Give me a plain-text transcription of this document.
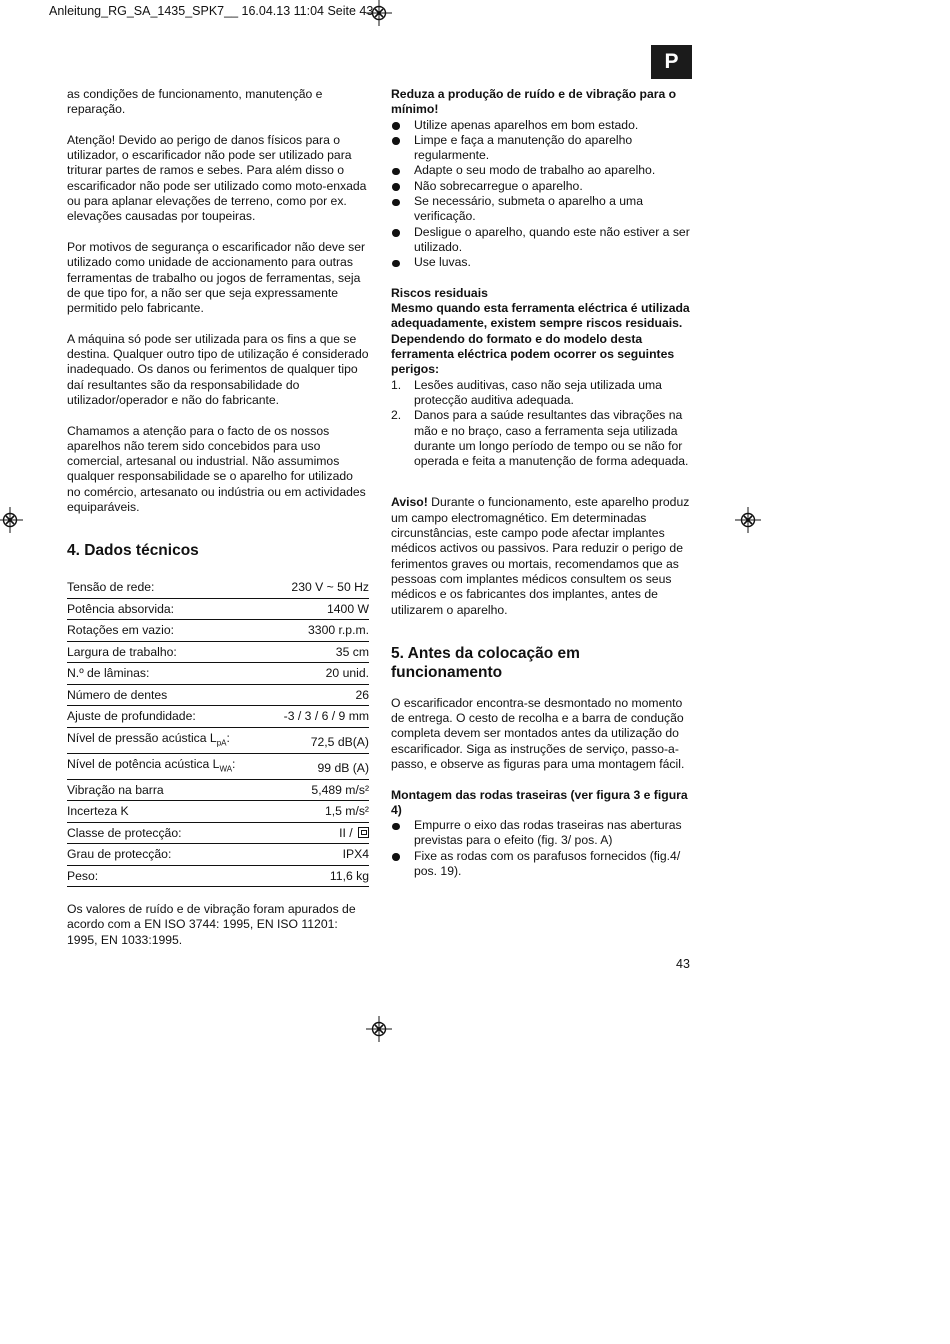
Anleitung_RG_SA_1435_SPK7__ 16.04.13 11:04 Seite 43
P

as condições de funcionamento, manutenção e reparação.

Atenção! Devido ao perigo de danos físicos para o utilizador, o escarificador não pode ser utilizado para triturar partes de ramos e sebes. Para além disso o escarificador não pode ser utilizado como moto-enxada ou para aplanar elevações de terreno, como por ex. elevações causadas por toupeiras.

Por motivos de segurança o escarificador não deve ser utilizado como unidade de accionamento para outras ferramentas de trabalho ou jogos de ferramentas, seja de que tipo for, a não ser que seja expressamente permitido pelo fabricante.

A máquina só pode ser utilizada para os fins a que se destina. Qualquer outro tipo de utilização é considerado inadequado. Os danos ou ferimentos de qualquer tipo daí resultantes são da responsabilidade do utilizador/operador e não do fabricante.

Chamamos a atenção para o facto de os nossos aparelhos não terem sido concebidos para uso comercial, artesanal ou industrial. Não assumimos qualquer responsabilidade se o aparelho for utilizado no comércio, artesanato ou indústria ou em actividades equiparáveis.

4. Dados técnicos
Tensão de rede:	230 V ~ 50 Hz
Potência absorvida:	1400 W
Rotações em vazio:	3300 r.p.m.
Largura de trabalho:	35 cm
N.º de lâminas:	20 unid.
Número de dentes	26
Ajuste de profundidade:	-3 / 3 / 6 / 9 mm
Nível de pressão acústica $L_{pA}$:	72,5 dB(A)
Nível de potência acústica $L_{WA}$:	99 dB (A)
Vibração na barra	5,489 m/s²
Incerteza K	1,5 m/s²
Classe de protecção:	II /
Grau de protecção:	IPX4
Peso:	11,6 kg

Os valores de ruído e de vibração foram apurados de acordo com a EN ISO 3744: 1995, EN ISO 11201: 1995, EN 1033:1995.

Reduza a produção de ruído e de vibração para o mínimo!
Utilize apenas aparelhos em bom estado.
Limpe e faça a manutenção do aparelho regularmente.
Adapte o seu modo de trabalho ao aparelho.
Não sobrecarregue o aparelho.
Se necessário, submeta o aparelho a uma verificação.
Desligue o aparelho, quando este não estiver a ser utilizado.
Use luvas.
Riscos residuais
Mesmo quando esta ferramenta eléctrica é utilizada adequadamente, existem sempre riscos residuais. Dependendo do formato e do modelo desta ferramenta eléctrica podem ocorrer os seguintes perigos:
1. Lesões auditivas, caso não seja utilizada uma protecção auditiva adequada.
2. Danos para a saúde resultantes das vibrações na mão e no braço, caso a ferramenta seja utilizada durante um longo período de tempo ou se não for operada e feita a manutenção de forma adequada.

Aviso! Durante o funcionamento, este aparelho produz um campo electromagnético. Em determinadas circunstâncias, este campo pode afectar implantes médicos activos ou passivos. Para reduzir o perigo de ferimentos graves ou mortais, recomendamos que as pessoas com implantes médicos consultem os seus médicos e os fabricantes dos implantes, antes de utilizarem o aparelho.

5. Antes da colocação em funcionamento

O escarificador encontra-se desmontado no momento de entrega. O cesto de recolha e a barra de condução completa devem ser montados antes da utilização do escarificador. Siga as instruções de serviço, passo-a-passo, e observe as figuras para uma montagem fácil.

Montagem das rodas traseiras (ver figura 3 e figura 4)
Empurre o eixo das rodas traseiras nas aberturas previstas para o efeito (fig. 3/ pos. A)
Fixe as rodas com os parafusos fornecidos (fig.4/ pos. 19).
43
